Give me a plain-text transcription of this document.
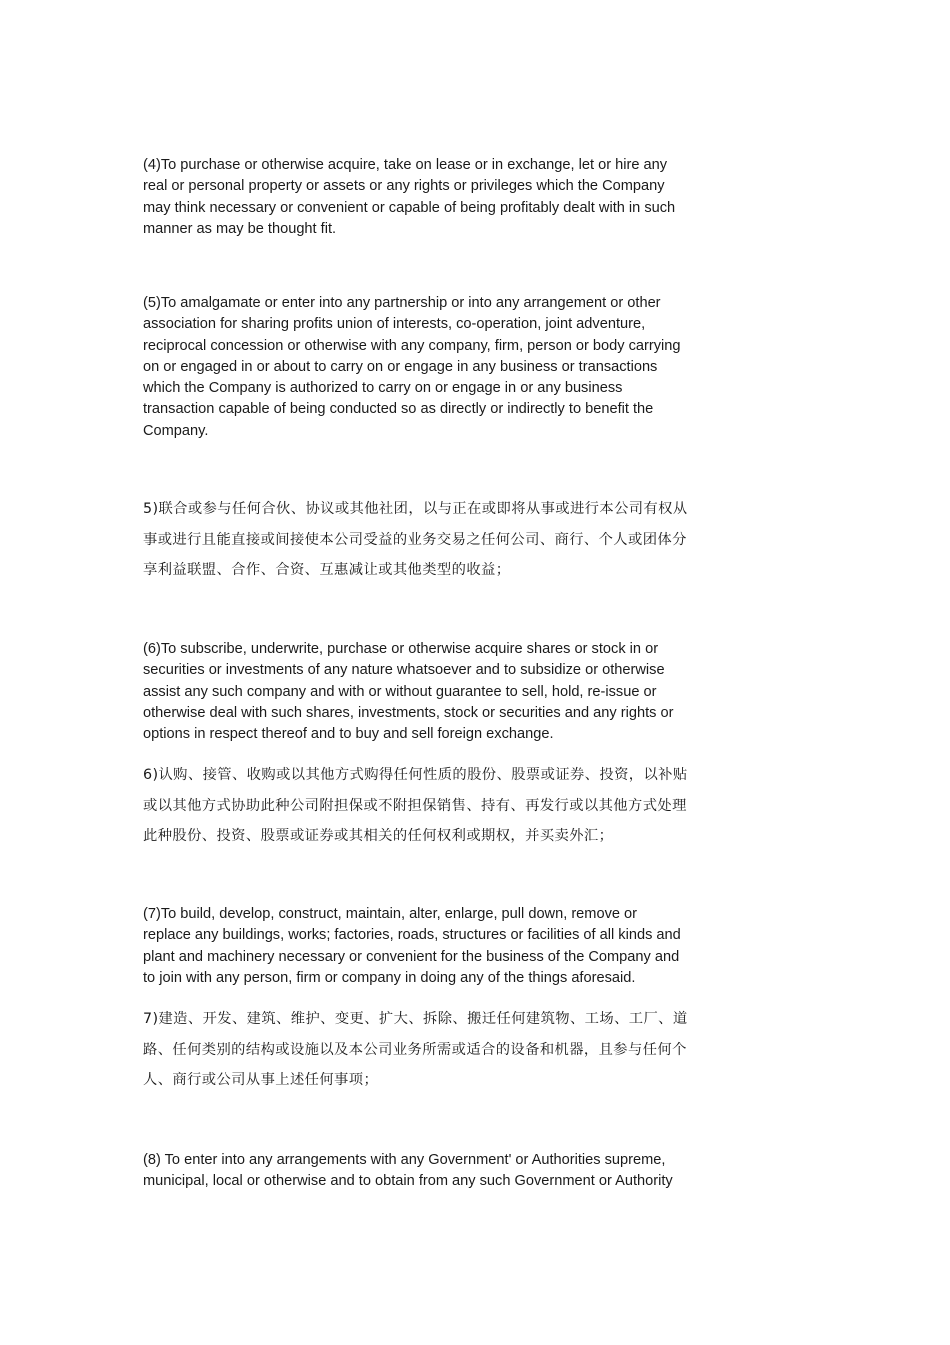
(4)To purchase or otherwise acquire, take on lease or in exchange, let or hire any
real or personal property or assets or any rights or privileges which the Company
may think necessary or convenient or capable of being profitably dealt with in such
manner as may be thought fit.

(5)To amalgamate or enter into any partnership or into any arrangement or other
association for sharing profits union of interests, co-operation, joint adventure,
reciprocal concession or otherwise with any company, firm, person or body carrying
on or engaged in or about to carry on or engage in any business or transactions
which the Company is authorized to carry on or engage in or any business
transaction capable of being conducted so as directly or indirectly to benefit the
Company.

5)联合或参与任何合伙、协议或其他社团，以与正在或即将从事或进行本公司有权从
事或进行且能直接或间接使本公司受益的业务交易之任何公司、商行、个人或团体分
享利益联盟、合作、合资、互惠减让或其他类型的收益；

(6)To subscribe, underwrite, purchase or otherwise acquire shares or stock in or
securities or investments of any nature whatsoever and to subsidize or otherwise
assist any such company and with or without guarantee to sell, hold, re-issue or
otherwise deal with such shares, investments, stock or securities and any rights or
options in respect thereof and to buy and sell foreign exchange.

6)认购、接管、收购或以其他方式购得任何性质的股份、股票或证券、投资，以补贴
或以其他方式协助此种公司附担保或不附担保销售、持有、再发行或以其他方式处理
此种股份、投资、股票或证券或其相关的任何权利或期权，并买卖外汇；

(7)To build, develop, construct, maintain, alter, enlarge, pull down, remove or
replace any buildings, works; factories, roads, structures or facilities of all kinds and
plant and machinery necessary or convenient for the business of the Company and
to join with any person, firm or company in doing any of the things aforesaid.

7)建造、开发、建筑、维护、变更、扩大、拆除、搬迁任何建筑物、工场、工厂、道
路、任何类别的结构或设施以及本公司业务所需或适合的设备和机器，且参与任何个
人、商行或公司从事上述任何事项；

(8) To enter into any arrangements with any Government' or Authorities supreme,
municipal, local or otherwise and to obtain from any such Government or Authority
